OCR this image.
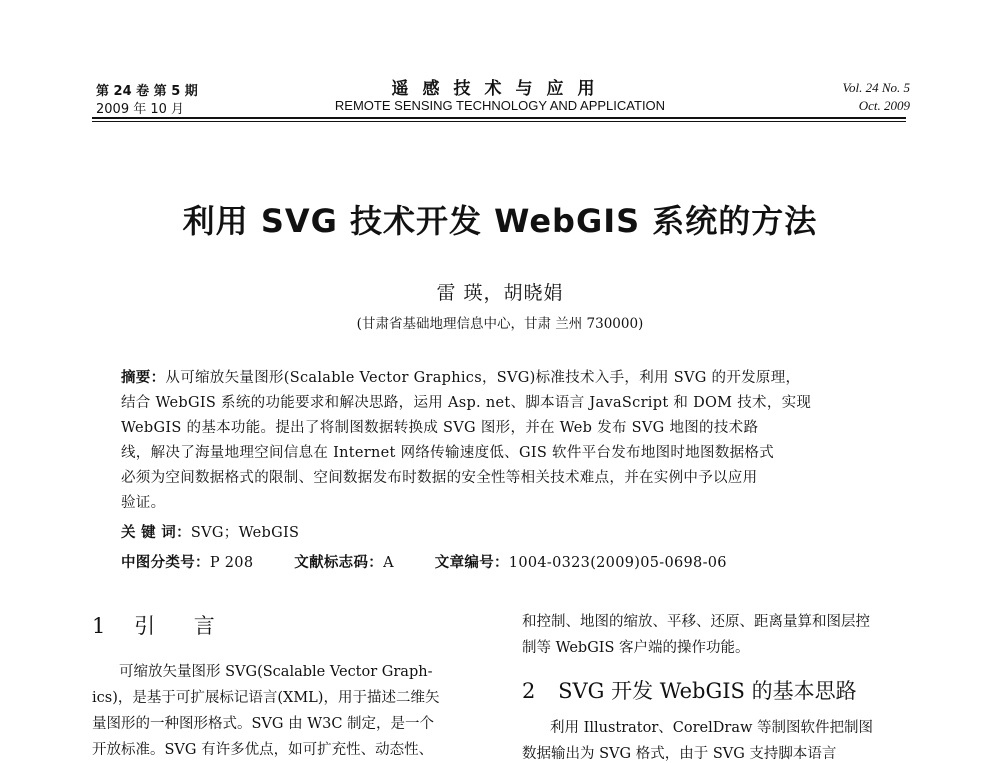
第 24 卷 第 5 期
2009 年 10 月
遥感技术与应用
REMOTE SENSING TECHNOLOGY AND APPLICATION
Vol. 24 No. 5
Oct. 2009
利用 SVG 技术开发 WebGIS 系统的方法
雷 瑛，胡晓娟
(甘肃省基础地理信息中心，甘肃 兰州 730000)
摘要：从可缩放矢量图形(Scalable Vector Graphics，SVG)标准技术入手，利用 SVG 的开发原理，
结合 WebGIS 系统的功能要求和解决思路，运用 Asp. net、脚本语言 JavaScript 和 DOM 技术，实现
WebGIS 的基本功能。提出了将制图数据转换成 SVG 图形，并在 Web 发布 SVG 地图的技术路
线，解决了海量地理空间信息在 Internet 网络传输速度低、GIS 软件平台发布地图时地图数据格式
必须为空间数据格式的限制、空间数据发布时数据的安全性等相关技术难点，并在实例中予以应用
验证。
关 键 词：SVG；WebGIS
中图分类号：P 208	文献标志码：A	文章编号：1004-0323(2009)05-0698-06
1 引 言
可缩放矢量图形 SVG(Scalable Vector Graph-
ics)，是基于可扩展标记语言(XML)，用于描述二维矢
量图形的一种图形格式。SVG 由 W3C 制定，是一个
开放标准。SVG 有许多优点，如可扩充性、动态性、
和控制、地图的缩放、平移、还原、距离量算和图层控
制等 WebGIS 客户端的操作功能。
2 SVG 开发 WebGIS 的基本思路
利用 Illustrator、CorelDraw 等制图软件把制图
数据输出为 SVG 格式，由于 SVG 支持脚本语言
